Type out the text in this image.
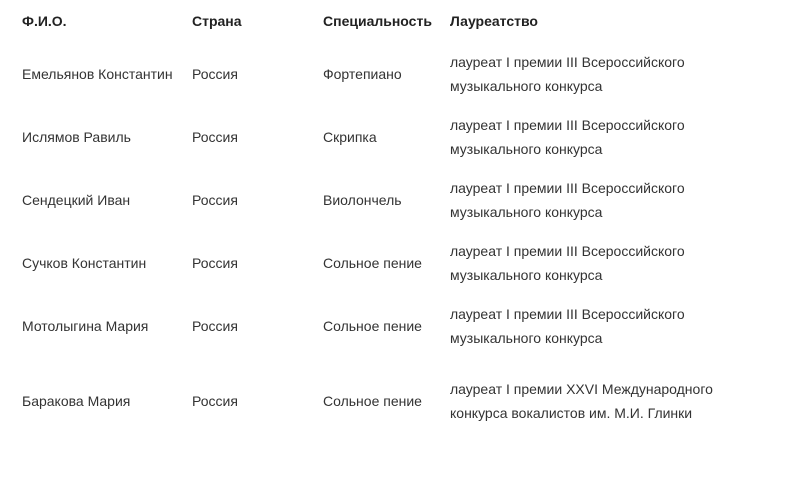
Ф.И.О.	Страна	Специальность	Лауреатство
Емельянов Константин	Россия	Фортепиано	лауреат I премии III Всероссийского музыкального конкурса
Ислямов Равиль	Россия	Скрипка	лауреат I премии III Всероссийского музыкального конкурса
Сендецкий Иван	Россия	Виолончель	лауреат I премии III Всероссийского музыкального конкурса
Сучков Константин	Россия	Сольное пение	лауреат I премии III Всероссийского музыкального конкурса
Мотолыгина Мария	Россия	Сольное пение	лауреат I премии III Всероссийского музыкального конкурса
Баракова Мария	Россия	Сольное пение	лауреат I премии XXVI Международного конкурса вокалистов им. М.И. Глинки
